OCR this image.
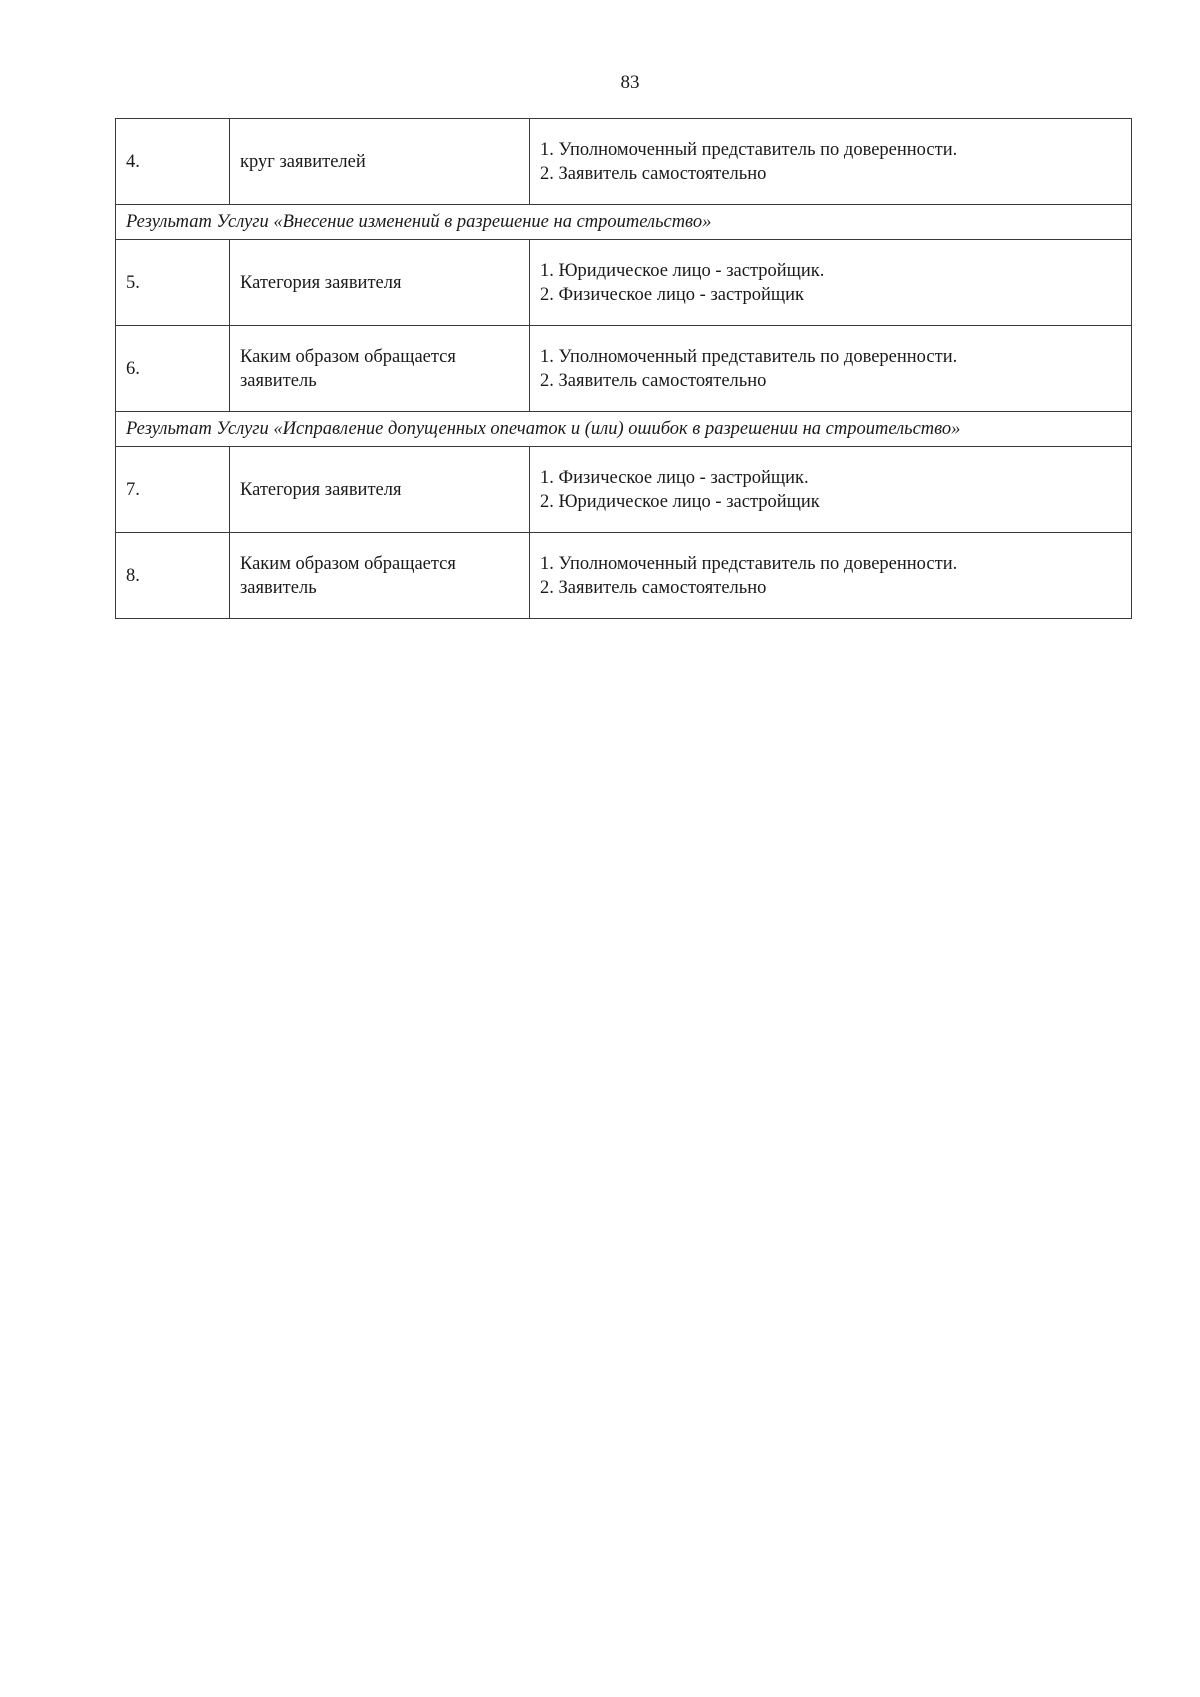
83
4.	круг заявителей	1. Уполномоченный представитель по доверенности.
2. Заявитель самостоятельно

Результат Услуги «Внесение изменений в разрешение на строительство»		
5.	Категория заявителя	1. Юридическое лицо - застройщик.
2. Физическое лицо - застройщик

6.	Каким образом обращается
заявитель	1. Уполномоченный представитель по доверенности.
2. Заявитель самостоятельно

Результат Услуги «Исправление допущенных опечаток и (или) ошибок в разрешении на строительство»		
7.	Категория заявителя	1. Физическое лицо - застройщик.
2. Юридическое лицо - застройщик

8.	Каким образом обращается
заявитель	1. Уполномоченный представитель по доверенности.
2. Заявитель самостоятельно
